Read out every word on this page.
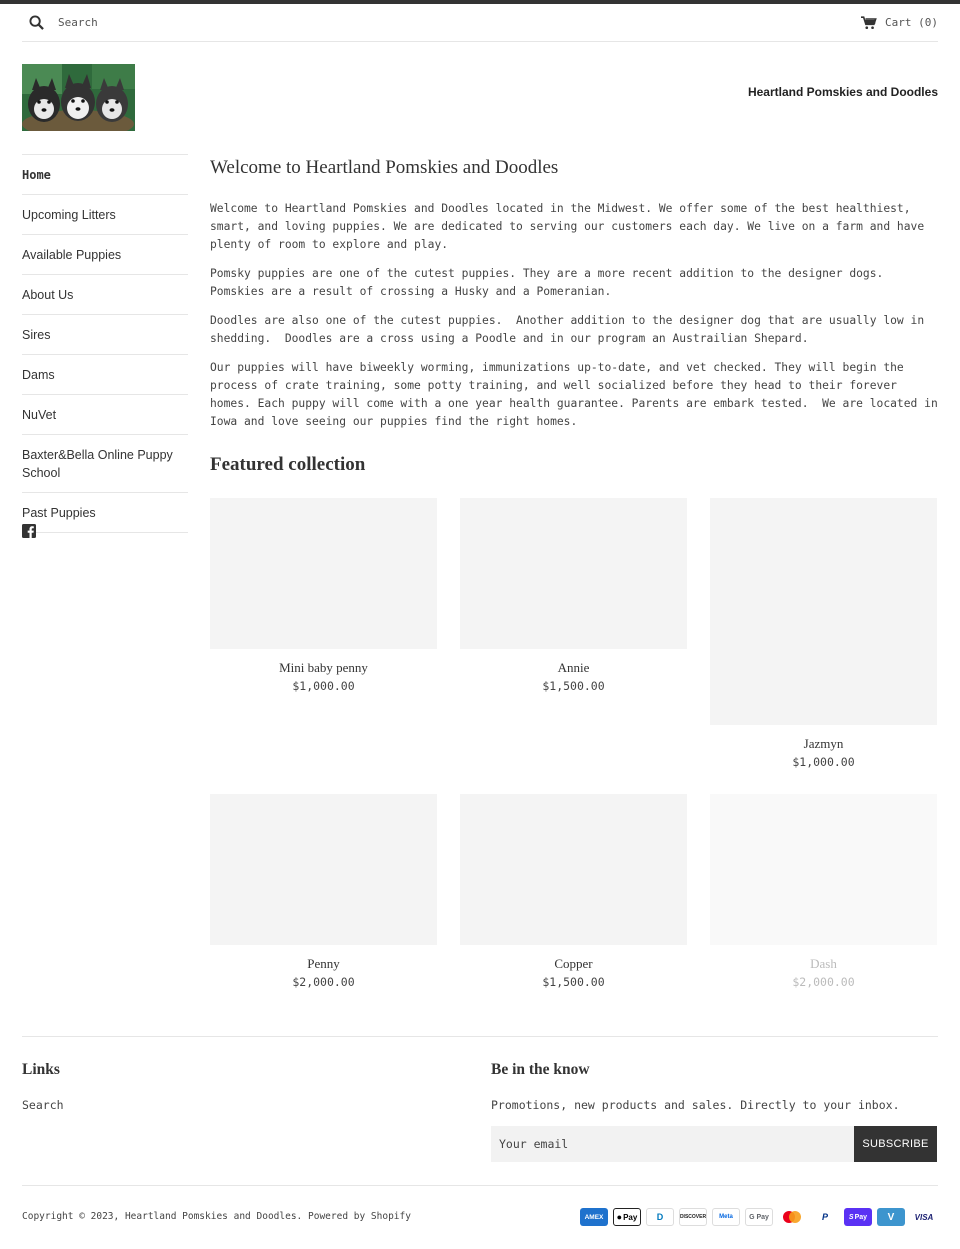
Search
Cart (0)
Heartland Pomskies and Doodles
Home
Upcoming Litters
Available Puppies
About Us
Sires
Dams
NuVet
Baxter&Bella Online Puppy School
Past Puppies
Welcome to Heartland Pomskies and Doodles

Welcome to Heartland Pomskies and Doodles located in the Midwest. We offer some of the best healthiest, smart, and loving puppies. We are dedicated to serving our customers each day. We live on a farm and have plenty of room to explore and play.

Pomsky puppies are one of the cutest puppies. They are a more recent addition to the designer dogs. Pomskies are a result of crossing a Husky and a Pomeranian.

Doodles are also one of the cutest puppies.  Another addition to the designer dog that are usually low in shedding.  Doodles are a cross using a Poodle and in our program an Austrailian Shepard.

Our puppies will have biweekly worming, immunizations up-to-date, and vet checked. They will begin the process of crate training, some potty training, and well socialized before they head to their forever homes. Each puppy will come with a one year health guarantee. Parents are embark tested.  We are located in Iowa and love seeing our puppies find the right homes.

Featured collection
Mini baby penny
$1,000.00
Annie
$1,500.00
Jazmyn
$1,000.00
Penny
$2,000.00
Copper
$1,500.00
Dash
$2,000.00
Links
Search
Be in the know

Promotions, new products and sales. Directly to your inbox.

Your email
SUBSCRIBE
Copyright © 2023, Heartland Pomskies and Doodles. Powered by Shopify	AMEX	● Pay	D	DISCOVER	Meta	G Pay	P	S Pay	V	VISA
